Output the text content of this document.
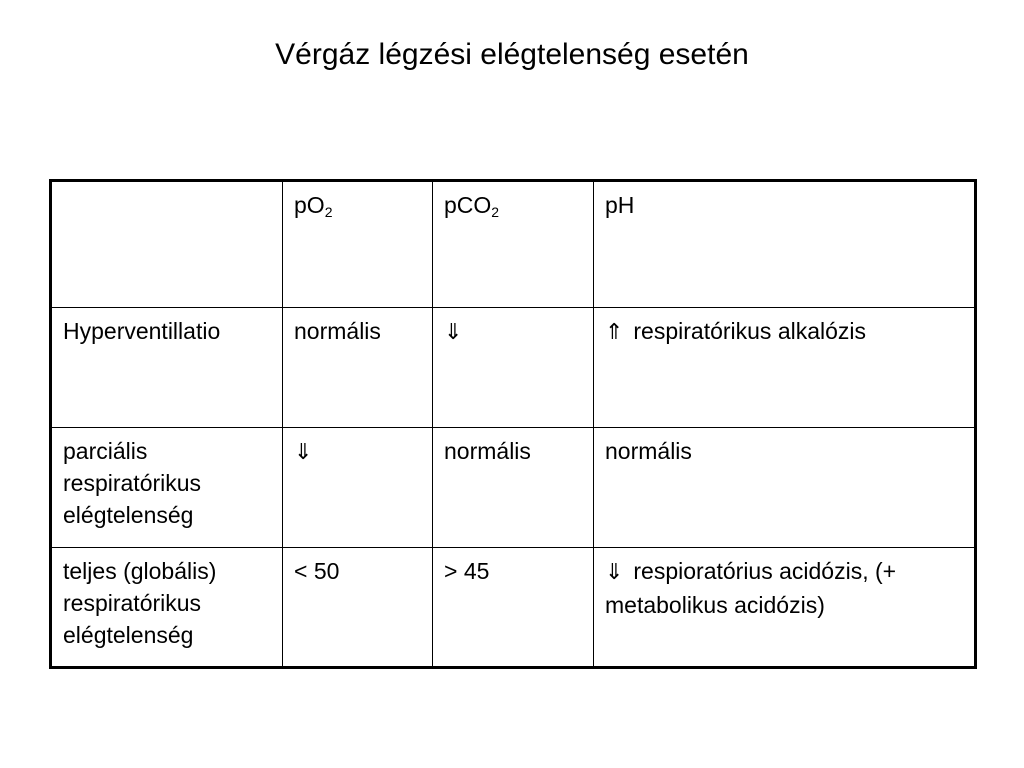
Vérgáz légzési elégtelenség esetén
	$pO_2$	pCO$_2$	pH
Hyperventillatio	normális	⇓	⇑ respiratórikus alkalózis
parciális respiratórikus elégtelenség	⇓	normális	normális
teljes (globális) respiratórikus elégtelenség	< 50	> 45	⇓ respioratórius acidózis, (+ metabolikus acidózis)
